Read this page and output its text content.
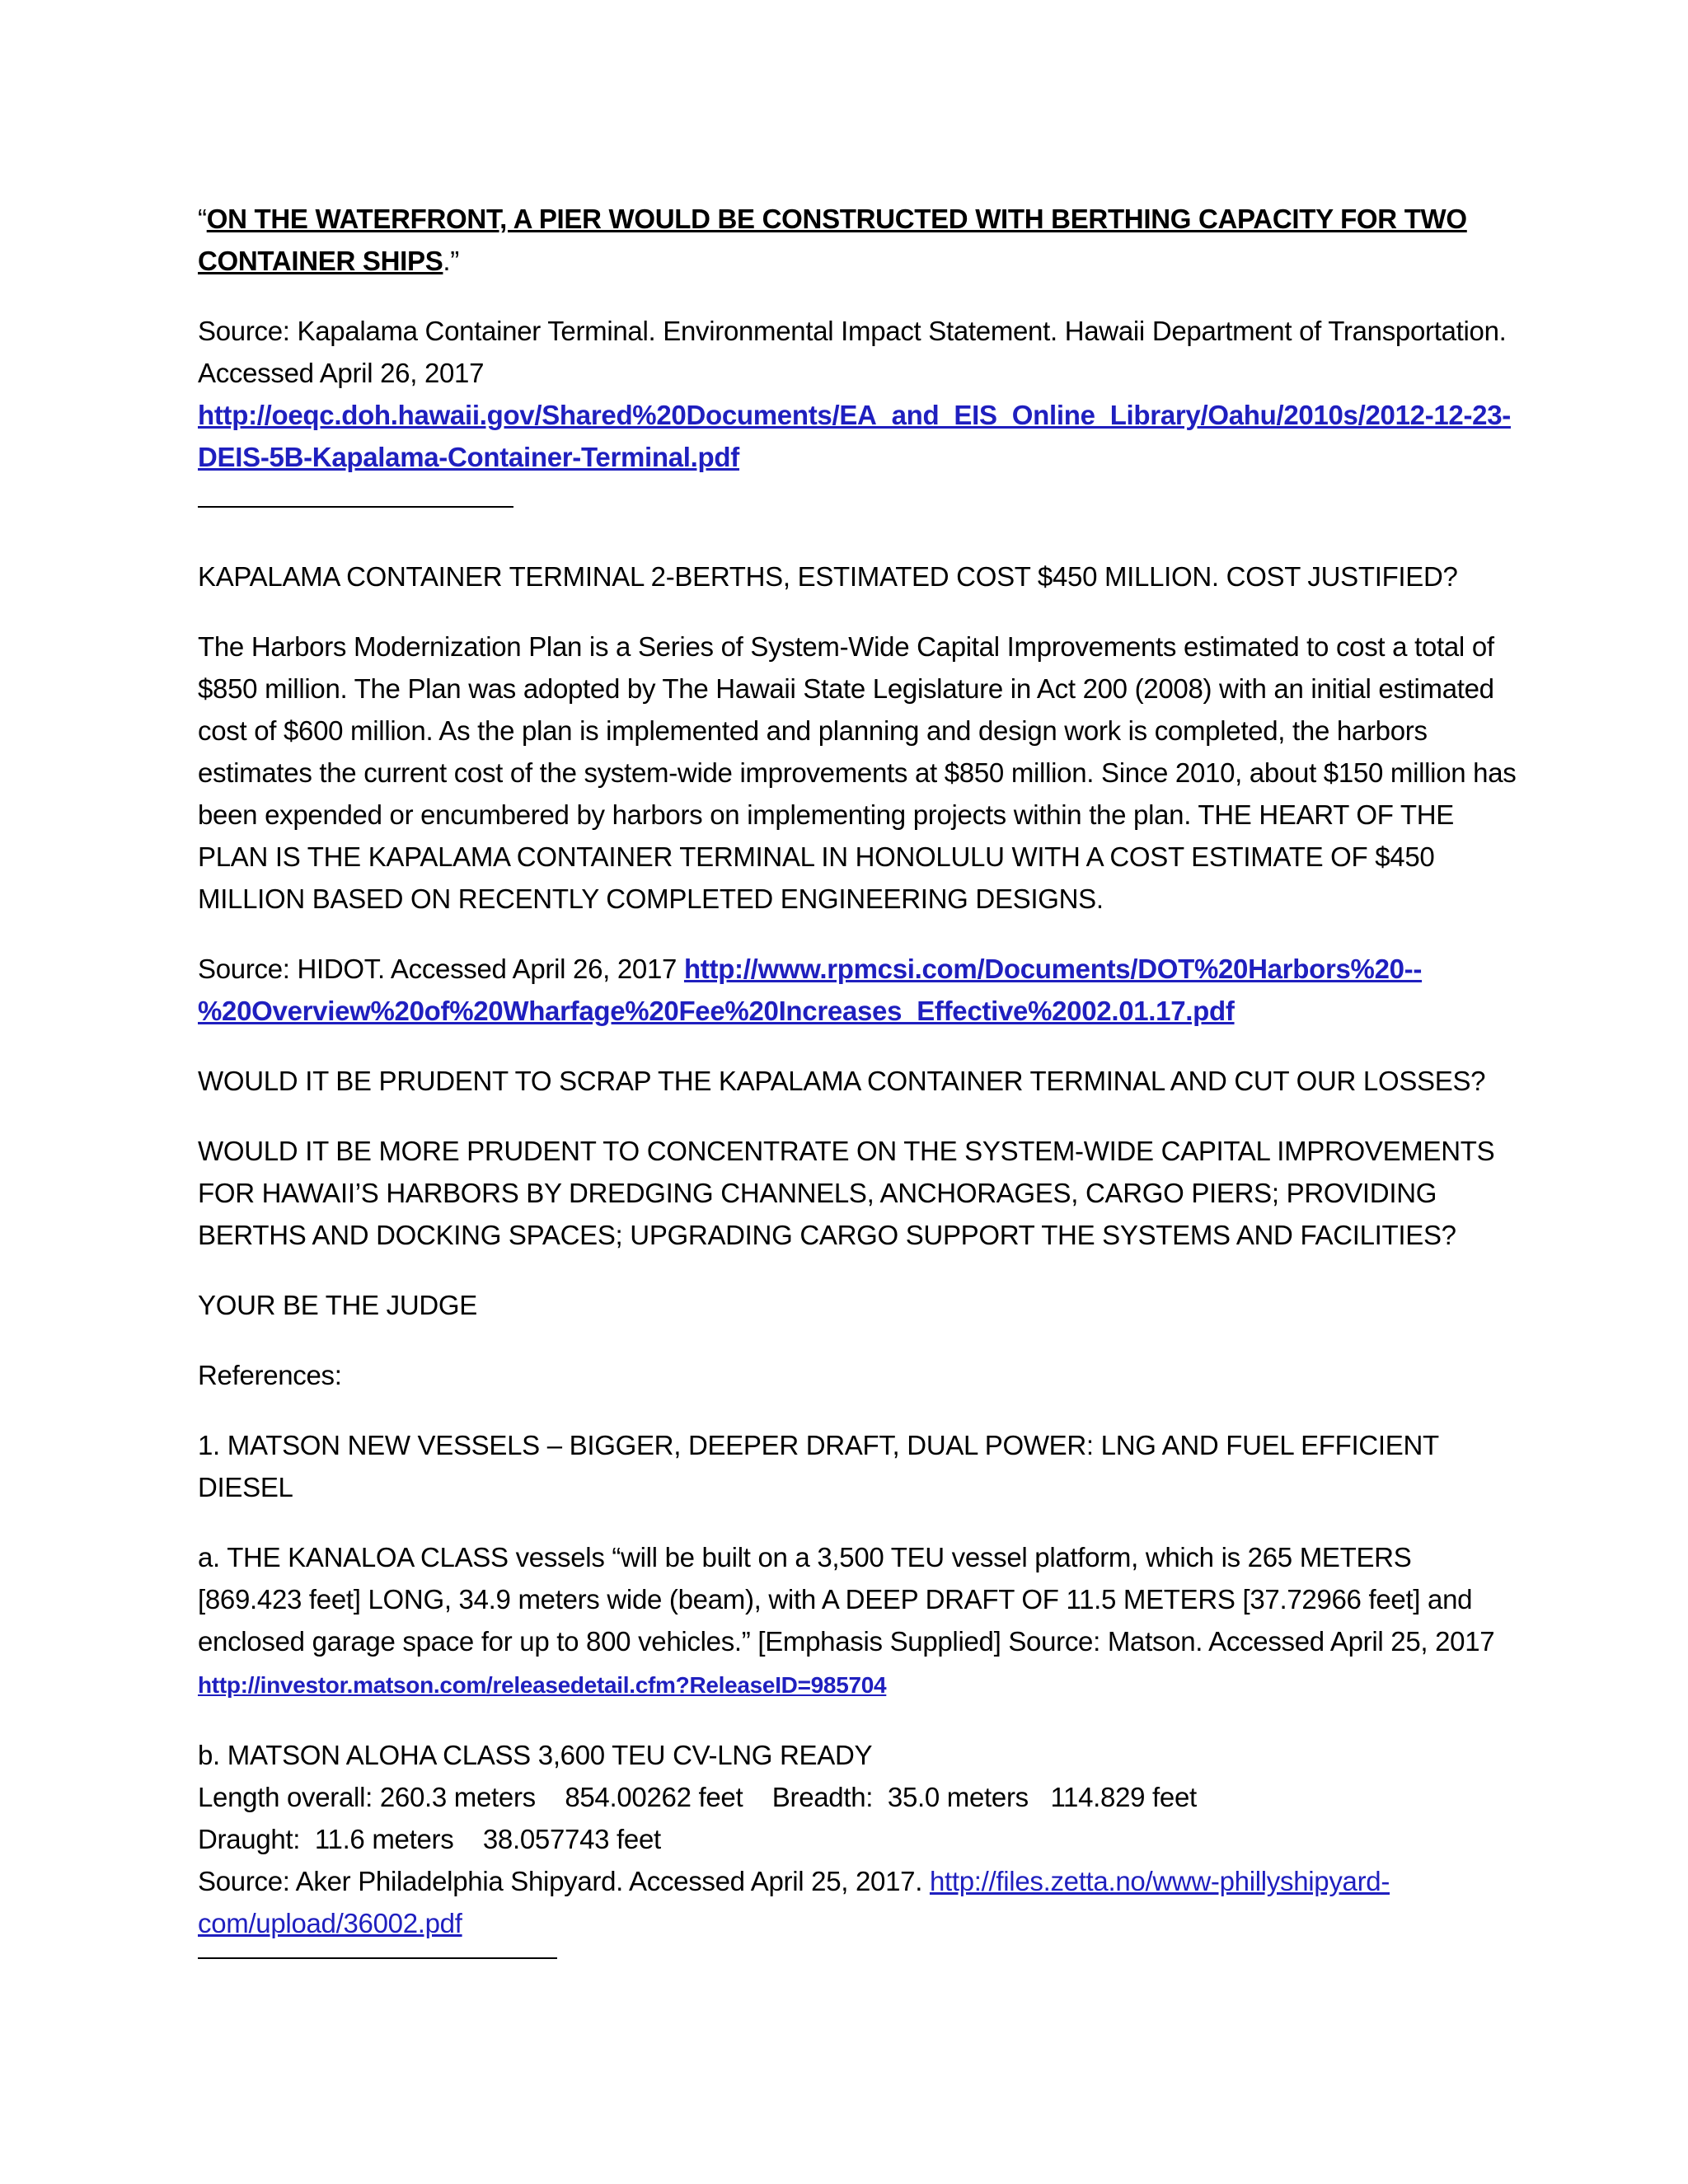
“ON THE WATERFRONT, A PIER WOULD BE CONSTRUCTED WITH BERTHING CAPACITY FOR TWO CONTAINER SHIPS.”

Source: Kapalama Container Terminal. Environmental Impact Statement. Hawaii Department of Transportation. Accessed April 26, 2017
http://oeqc.doh.hawaii.gov/Shared%20Documents/EA_and_EIS_Online_Library/Oahu/2010s/2012-12-23-DEIS-5B-Kapalama-Container-Terminal.pdf

KAPALAMA CONTAINER TERMINAL 2-BERTHS, ESTIMATED COST $450 MILLION. COST JUSTIFIED?

The Harbors Modernization Plan is a Series of System-Wide Capital Improvements estimated to cost a total of $850 million. The Plan was adopted by The Hawaii State Legislature in Act 200 (2008) with an initial estimated cost of $600 million. As the plan is implemented and planning and design work is completed, the harbors estimates the current cost of the system-wide improvements at $850 million. Since 2010, about $150 million has been expended or encumbered by harbors on implementing projects within the plan. THE HEART OF THE PLAN IS THE KAPALAMA CONTAINER TERMINAL IN HONOLULU WITH A COST ESTIMATE OF $450 MILLION BASED ON RECENTLY COMPLETED ENGINEERING DESIGNS.

Source: HIDOT. Accessed April 26, 2017 http://www.rpmcsi.com/Documents/DOT%20Harbors%20--%20Overview%20of%20Wharfage%20Fee%20Increases_Effective%2002.01.17.pdf

WOULD IT BE PRUDENT TO SCRAP THE KAPALAMA CONTAINER TERMINAL AND CUT OUR LOSSES?

WOULD IT BE MORE PRUDENT TO CONCENTRATE ON THE SYSTEM-WIDE CAPITAL IMPROVEMENTS FOR HAWAII’S HARBORS BY DREDGING CHANNELS, ANCHORAGES, CARGO PIERS; PROVIDING BERTHS AND DOCKING SPACES; UPGRADING CARGO SUPPORT THE SYSTEMS AND FACILITIES?

YOUR BE THE JUDGE

References:

1. MATSON NEW VESSELS – BIGGER, DEEPER DRAFT, DUAL POWER: LNG AND FUEL EFFICIENT DIESEL

a. THE KANALOA CLASS vessels “will be built on a 3,500 TEU vessel platform, which is 265 METERS [869.423 feet] LONG, 34.9 meters wide (beam), with A DEEP DRAFT OF 11.5 METERS [37.72966 feet] and enclosed garage space for up to 800 vehicles.” [Emphasis Supplied] Source: Matson. Accessed April 25, 2017 http://investor.matson.com/releasedetail.cfm?ReleaseID=985704

b. MATSON ALOHA CLASS 3,600 TEU CV-LNG READY
Length overall: 260.3 meters    854.00262 feet    Breadth:  35.0 meters   114.829 feet
Draught:  11.6 meters    38.057743 feet
Source: Aker Philadelphia Shipyard. Accessed April 25, 2017. http://files.zetta.no/www-phillyshipyard-com/upload/36002.pdf
